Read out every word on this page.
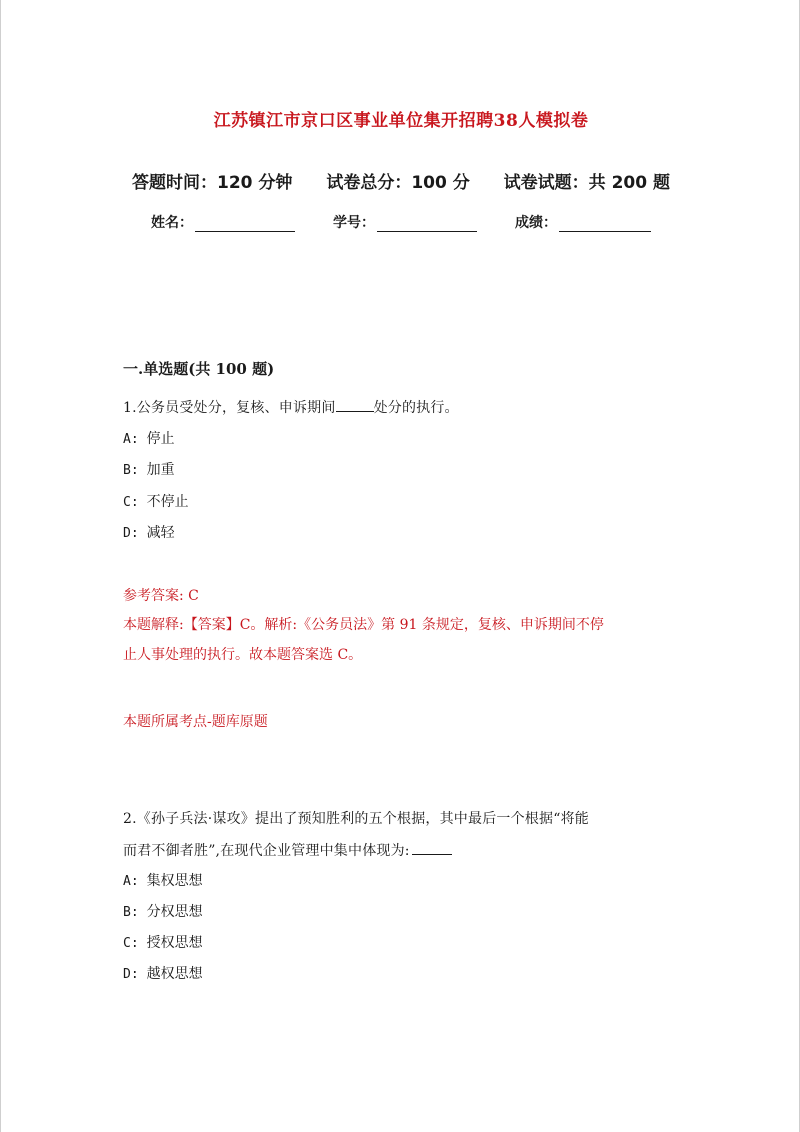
江苏镇江市京口区事业单位集开招聘38人模拟卷
答题时间：120 分钟 试卷总分：100 分 试卷试题：共 200 题
姓名：	学号：	成绩：
一.单选题(共 100 题)
1.公务员受处分，复核、申诉期间	处分的执行。
A: 停止
B: 加重
C: 不停止
D: 减轻
参考答案: C
本题解释:【答案】C。解析:《公务员法》第 91 条规定，复核、申诉期间不停
止人事处理的执行。故本题答案选 C。
本题所属考点-题库原题
2.《孙子兵法·谋攻》提出了预知胜利的五个根据，其中最后一个根据“将能
而君不御者胜”,在现代企业管理中集中体现为:
A: 集权思想
B: 分权思想
C: 授权思想
D: 越权思想
